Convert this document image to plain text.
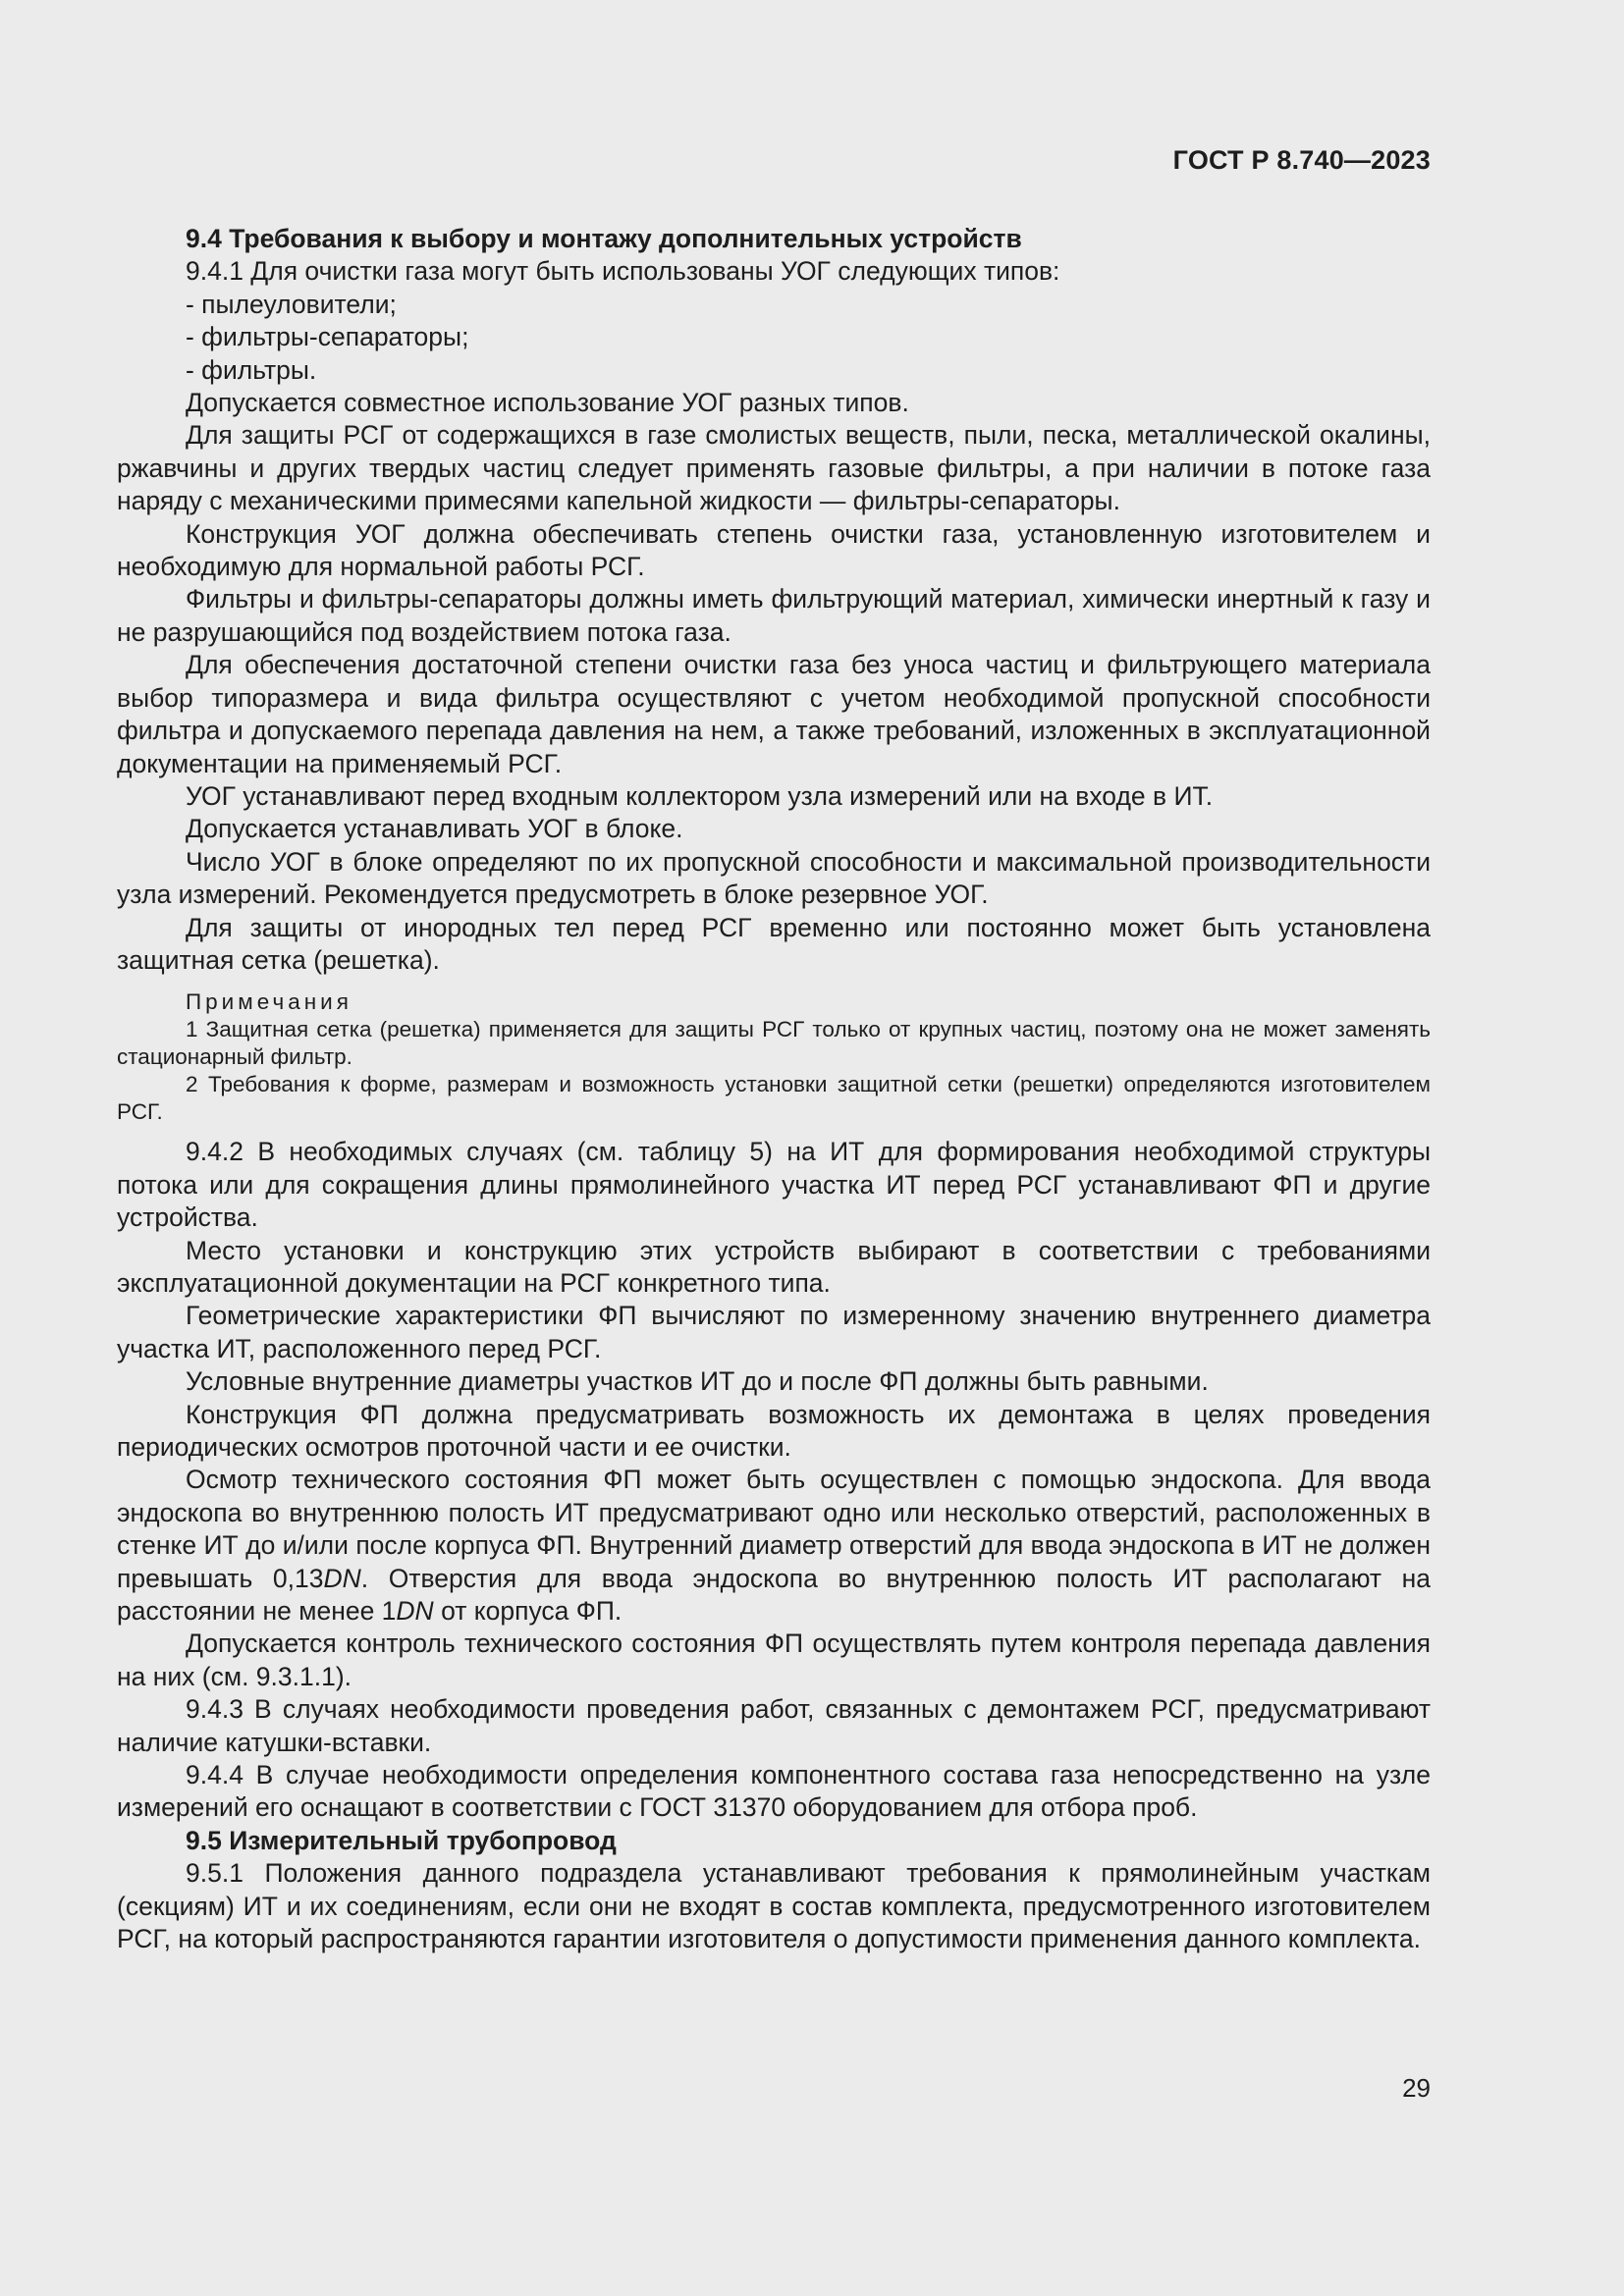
ГОСТ Р 8.740—2023

9.4 Требования к выбору и монтажу дополнительных устройств

9.4.1 Для очистки газа могут быть использованы УОГ следующих типов:

- пылеуловители;

- фильтры-сепараторы;

- фильтры.

Допускается совместное использование УОГ разных типов.

Для защиты РСГ от содержащихся в газе смолистых веществ, пыли, песка, металлической окалины, ржавчины и других твердых частиц следует применять газовые фильтры, а при наличии в потоке газа наряду с механическими примесями капельной жидкости — фильтры-сепараторы.

Конструкция УОГ должна обеспечивать степень очистки газа, установленную изготовителем и необходимую для нормальной работы РСГ.

Фильтры и фильтры-сепараторы должны иметь фильтрующий материал, химически инертный к газу и не разрушающийся под воздействием потока газа.

Для обеспечения достаточной степени очистки газа без уноса частиц и фильтрующего материала выбор типоразмера и вида фильтра осуществляют с учетом необходимой пропускной способности фильтра и допускаемого перепада давления на нем, а также требований, изложенных в эксплуатационной документации на применяемый РСГ.

УОГ устанавливают перед входным коллектором узла измерений или на входе в ИТ.

Допускается устанавливать УОГ в блоке.

Число УОГ в блоке определяют по их пропускной способности и максимальной производительности узла измерений. Рекомендуется предусмотреть в блоке резервное УОГ.

Для защиты от инородных тел перед РСГ временно или постоянно может быть установлена защитная сетка (решетка).

Примечания

1 Защитная сетка (решетка) применяется для защиты РСГ только от крупных частиц, поэтому она не может заменять стационарный фильтр.

2 Требования к форме, размерам и возможность установки защитной сетки (решетки) определяются изготовителем РСГ.

9.4.2 В необходимых случаях (см. таблицу 5) на ИТ для формирования необходимой структуры потока или для сокращения длины прямолинейного участка ИТ перед РСГ устанавливают ФП и другие устройства.

Место установки и конструкцию этих устройств выбирают в соответствии с требованиями эксплуатационной документации на РСГ конкретного типа.

Геометрические характеристики ФП вычисляют по измеренному значению внутреннего диаметра участка ИТ, расположенного перед РСГ.

Условные внутренние диаметры участков ИТ до и после ФП должны быть равными.

Конструкция ФП должна предусматривать возможность их демонтажа в целях проведения периодических осмотров проточной части и ее очистки.

Осмотр технического состояния ФП может быть осуществлен с помощью эндоскопа. Для ввода эндоскопа во внутреннюю полость ИТ предусматривают одно или несколько отверстий, расположенных в стенке ИТ до и/или после корпуса ФП. Внутренний диаметр отверстий для ввода эндоскопа в ИТ не должен превышать 0,13DN. Отверстия для ввода эндоскопа во внутреннюю полость ИТ располагают на расстоянии не менее 1DN от корпуса ФП.

Допускается контроль технического состояния ФП осуществлять путем контроля перепада давления на них (см. 9.3.1.1).

9.4.3 В случаях необходимости проведения работ, связанных с демонтажем РСГ, предусматривают наличие катушки-вставки.

9.4.4 В случае необходимости определения компонентного состава газа непосредственно на узле измерений его оснащают в соответствии с ГОСТ 31370 оборудованием для отбора проб.

9.5 Измерительный трубопровод

9.5.1 Положения данного подраздела устанавливают требования к прямолинейным участкам (секциям) ИТ и их соединениям, если они не входят в состав комплекта, предусмотренного изготовителем РСГ, на который распространяются гарантии изготовителя о допустимости применения данного комплекта.

29
